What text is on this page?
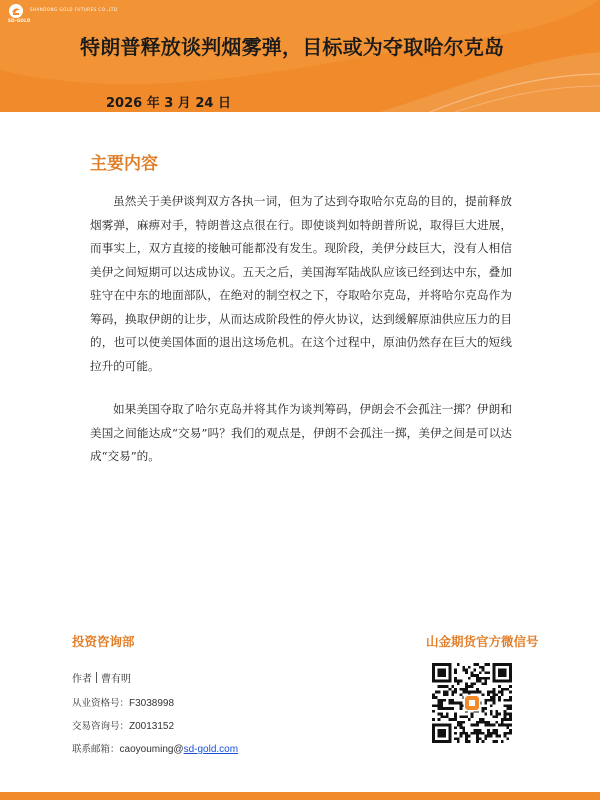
SHANDONG GOLD FUTURES CO.,LTD
SD-GOLD
特朗普释放谈判烟雾弹，目标或为夺取哈尔克岛
2026 年 3 月 24 日
主要内容

虽然关于美伊谈判双方各执一词，但为了达到夺取哈尔克岛的目的，提前释放烟雾弹，麻痹对手，特朗普这点很在行。即使谈判如特朗普所说，取得巨大进展，而事实上，双方直接的接触可能都没有发生。现阶段，美伊分歧巨大，没有人相信美伊之间短期可以达成协议。五天之后，美国海军陆战队应该已经到达中东，叠加驻守在中东的地面部队，在绝对的制空权之下，夺取哈尔克岛，并将哈尔克岛作为筹码，换取伊朗的让步，从而达成阶段性的停火协议，达到缓解原油供应压力的目的，也可以使美国体面的退出这场危机。在这个过程中，原油仍然存在巨大的短线拉升的可能。

如果美国夺取了哈尔克岛并将其作为谈判筹码，伊朗会不会孤注一掷？伊朗和美国之间能达成“交易”吗？我们的观点是，伊朗不会孤注一掷，美伊之间是可以达成“交易”的。

投资咨询部	山金期货官方微信号
作者 曹有明
从业资格号：F3038998
交易咨询号：Z0013152
联系邮箱：caoyouming@sd-gold.com
